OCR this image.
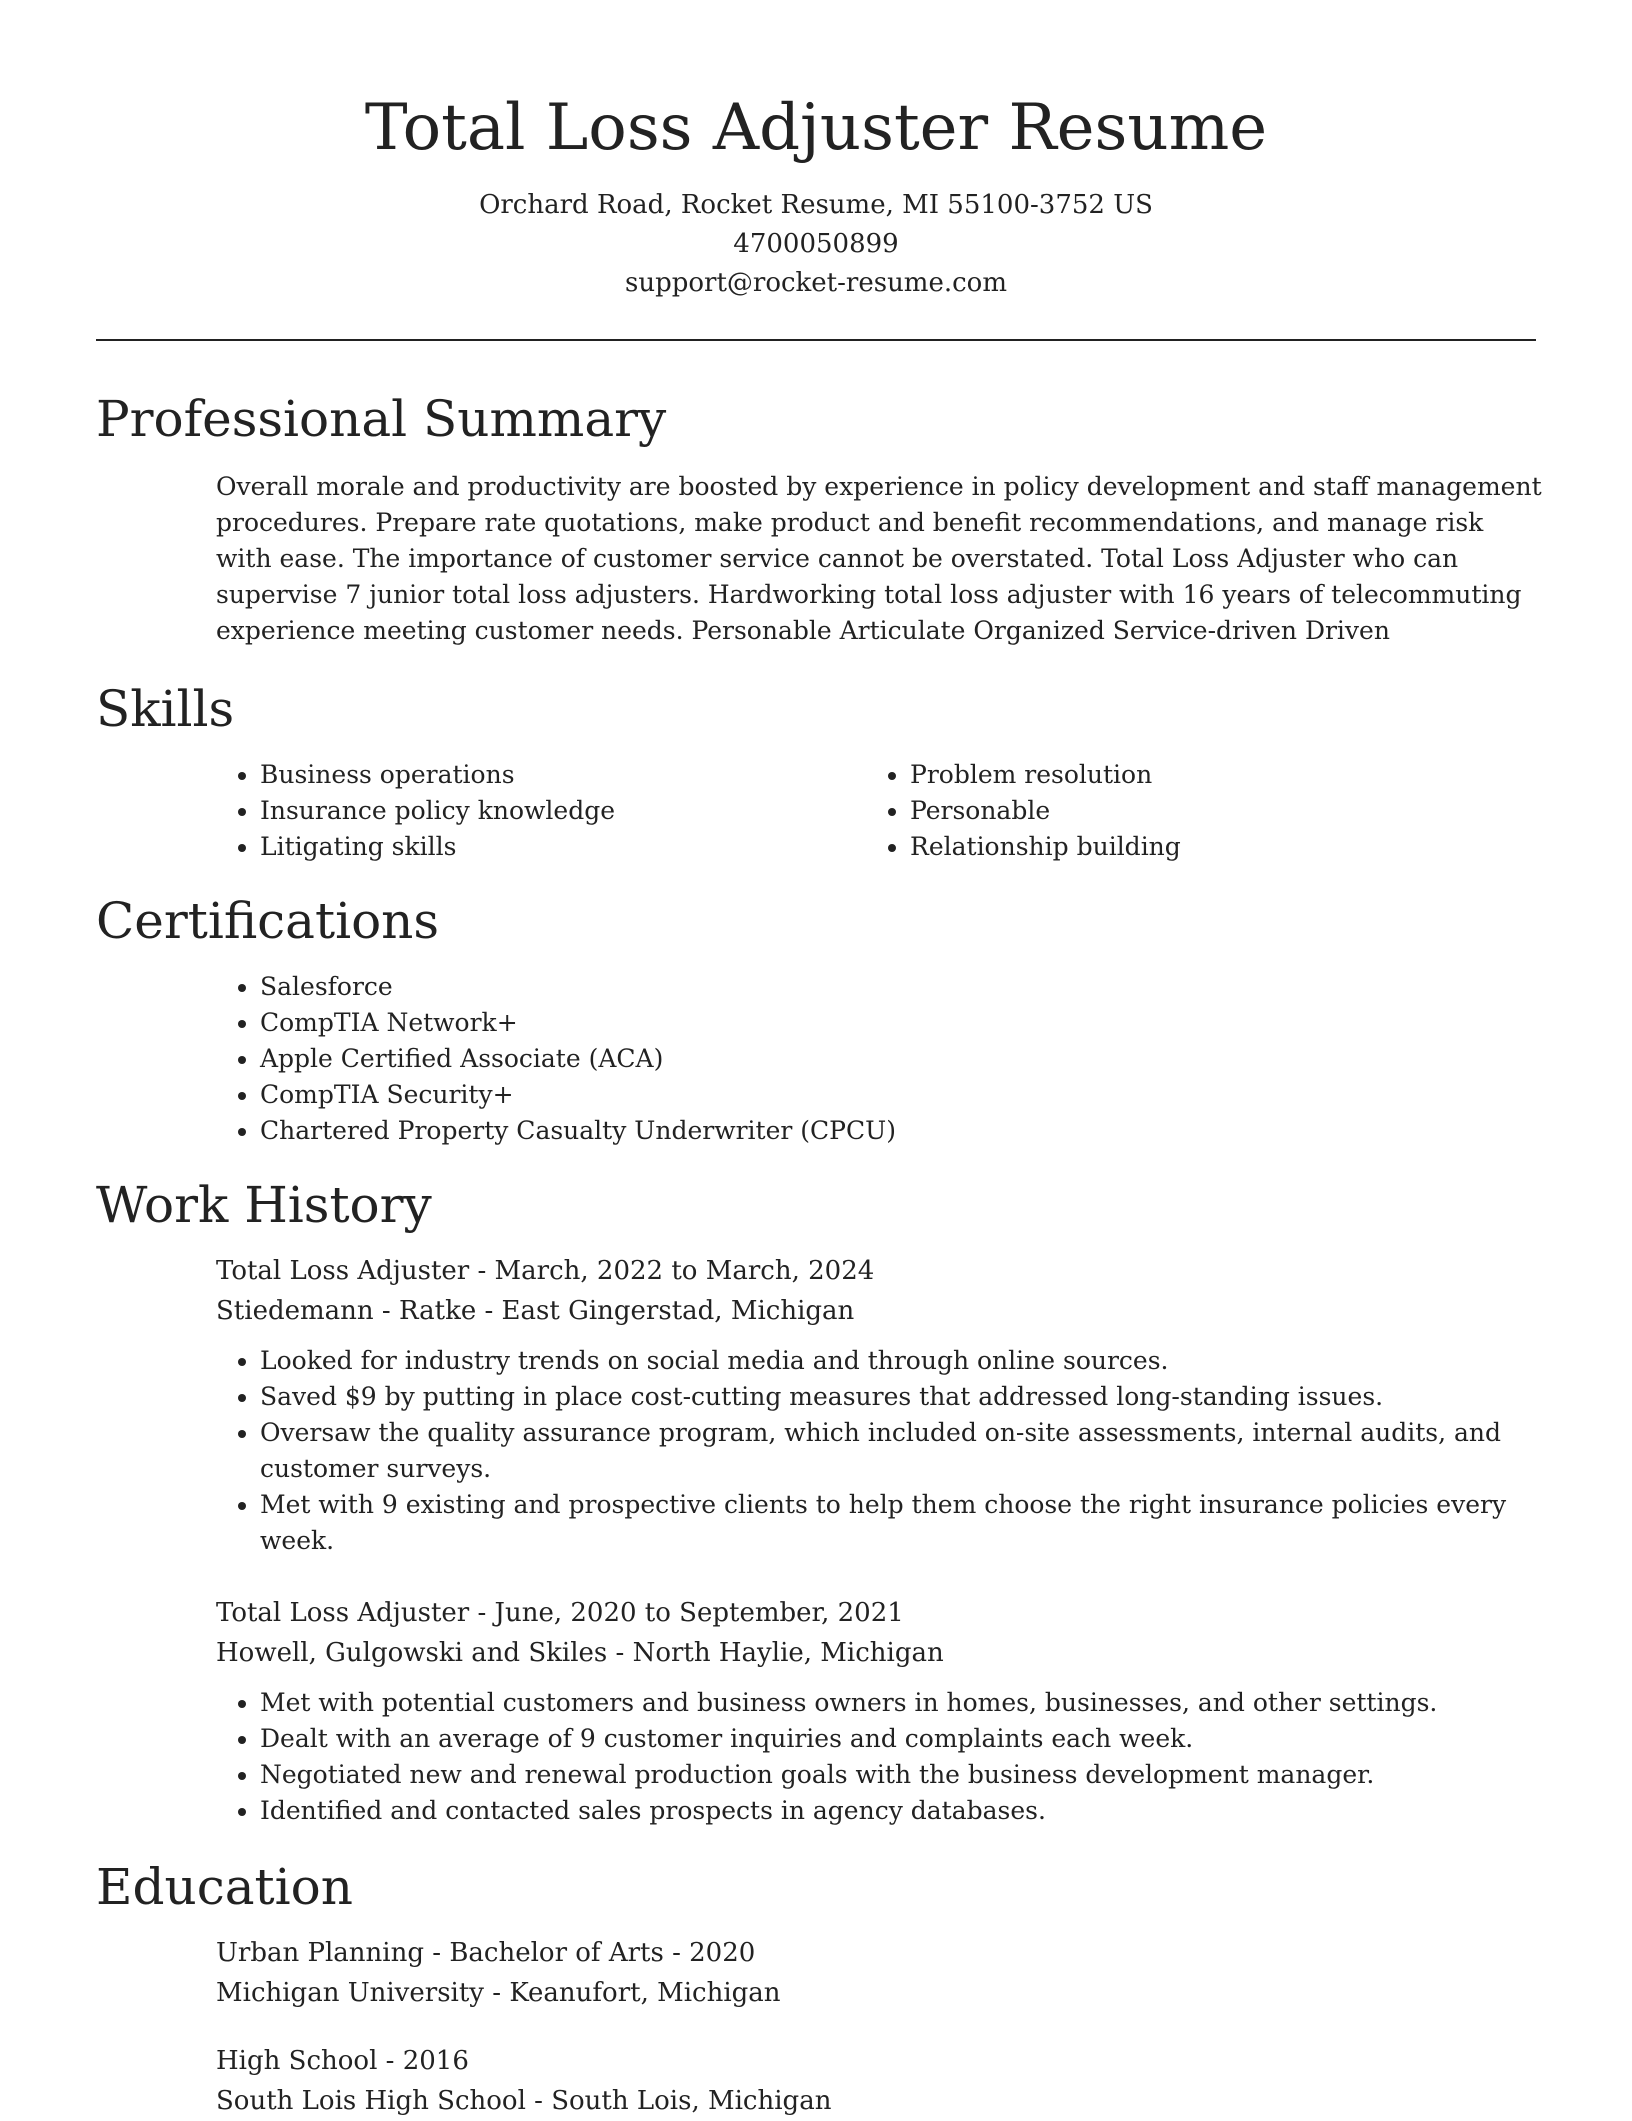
Total Loss Adjuster Resume
Orchard Road, Rocket Resume, MI 55100-3752 US
4700050899
support@rocket-resume.com
Professional Summary
Overall morale and productivity are boosted by experience in policy development and staff management procedures. Prepare rate quotations, make product and benefit recommendations, and manage risk with ease. The importance of customer service cannot be overstated. Total Loss Adjuster who can supervise 7 junior total loss adjusters. Hardworking total loss adjuster with 16 years of telecommuting experience meeting customer needs. Personable Articulate Organized Service-driven Driven
Skills
• Business operations
• Insurance policy knowledge
• Litigating skills
• Problem resolution
• Personable
• Relationship building
Certifications
• Salesforce
• CompTIA Network+
• Apple Certified Associate (ACA)
• CompTIA Security+
• Chartered Property Casualty Underwriter (CPCU)
Work History
Total Loss Adjuster - March, 2022 to March, 2024
Stiedemann - Ratke - East Gingerstad, Michigan
• Looked for industry trends on social media and through online sources.
• Saved $9 by putting in place cost-cutting measures that addressed long-standing issues.
• Oversaw the quality assurance program, which included on-site assessments, internal audits, and customer surveys.
• Met with 9 existing and prospective clients to help them choose the right insurance policies every week.
Total Loss Adjuster - June, 2020 to September, 2021
Howell, Gulgowski and Skiles - North Haylie, Michigan
• Met with potential customers and business owners in homes, businesses, and other settings.
• Dealt with an average of 9 customer inquiries and complaints each week.
• Negotiated new and renewal production goals with the business development manager.
• Identified and contacted sales prospects in agency databases.
Education
Urban Planning - Bachelor of Arts - 2020
Michigan University - Keanufort, Michigan
High School - 2016
South Lois High School - South Lois, Michigan
